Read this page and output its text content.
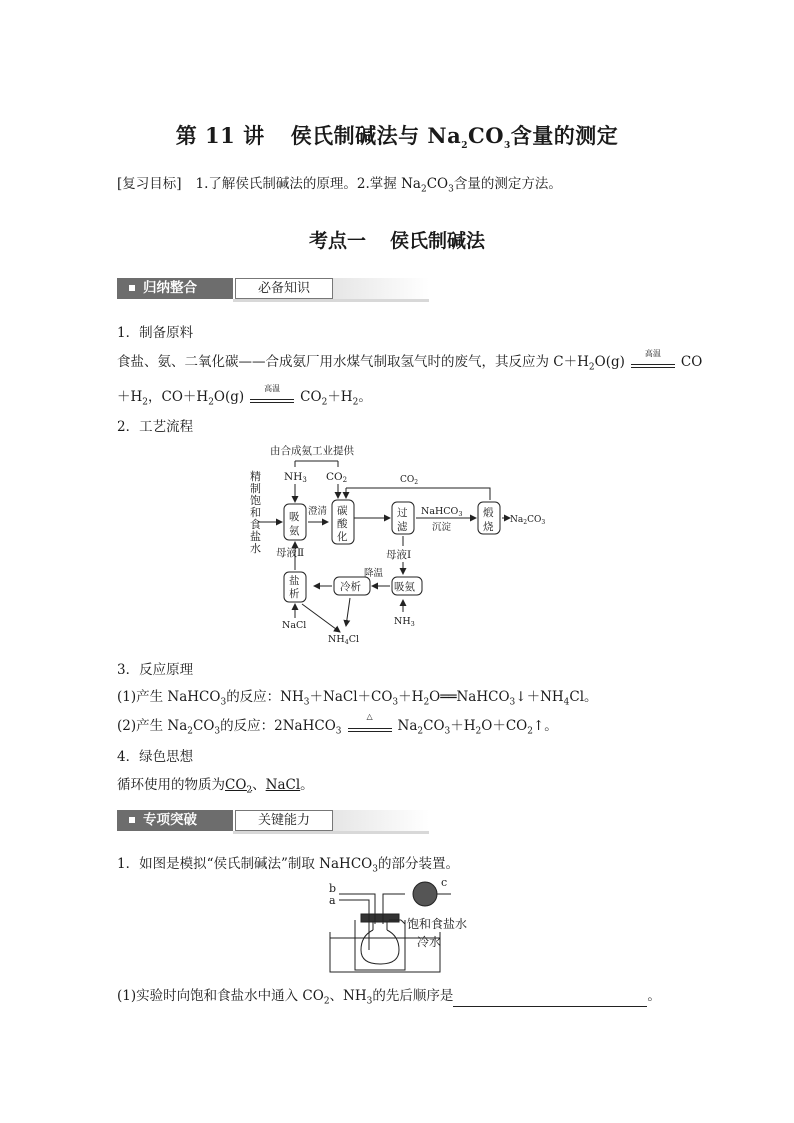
第 11 讲 侯氏制碱法与 $Na_2CO_3$含量的测定
[复习目标] 1.了解侯氏制碱法的原理。2.掌握 $Na_2CO_3$含量的测定方法。
考点一 侯氏制碱法
归纳整合	必备知识
1．制备原料
食盐、氨、二氧化碳——合成氨厂用水煤气制取氢气时的废气，其反应为 $C+H_2O(g)$
高温
CO
$+H_2$，$CO+H_2O(g)$
高温
$CO_2+H_2$。
2．工艺流程
由合成氨工业提供
NH3 CO2	$CO_2$
精制饱和食盐水
吸氨
澄清 碳酸化
过滤
NaHCO$_3$
沉淀
煅烧
$Na_2CO_3$
母液Ⅰ
母液Ⅱ
盐析
冷析
降温
吸氨
$NH_3$
NaCl
$NH_4Cl$
3．反应原理
(1)产生 NaHCO$_3$的反应：$NH_3+NaCl+CO_3+H_2O══NaHCO_3↓+NH_4Cl$。
(2)产生 $Na_2CO_3$的反应：2NaHCO$_3$
△
$Na_2CO_3+H_2O+CO_2↑$。
4．绿色思想
循环使用的物质为$CO_2$、NaCl。
专项突破	关键能力
1．如图是模拟“侯氏制碱法”制取 NaHCO$_3$的部分装置。
b
a
c
饱和食盐水
冷水
(1)实验时向饱和食盐水中通入 $CO_2$、$NH_3$的先后顺序是	。
